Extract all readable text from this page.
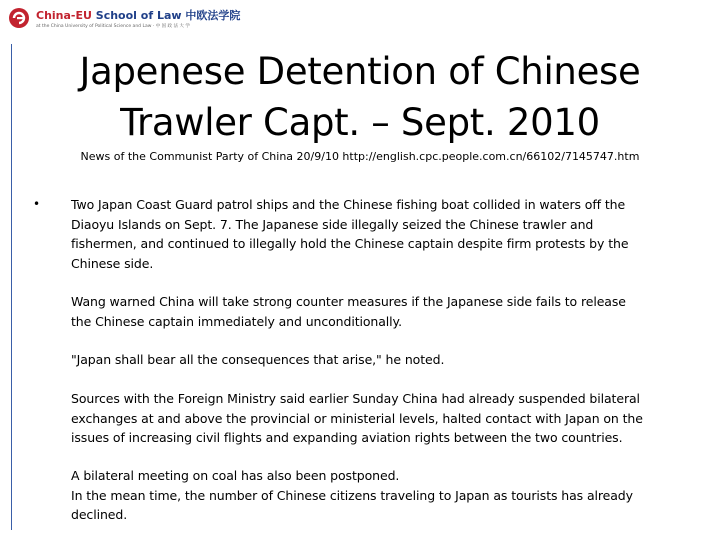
China-EU School of Law 中欧法学院
at the China University of Political Science and Law · 中 国 政 法 大 学
Japenese Detention of Chinese
Trawler Capt. – Sept. 2010
News of the Communist Party of China 20/9/10 http://english.cpc.people.com.cn/66102/7145747.htm
• Two Japan Coast Guard patrol ships and the Chinese fishing boat collided in waters off the
Diaoyu Islands on Sept. 7. The Japanese side illegally seized the Chinese trawler and
fishermen, and continued to illegally hold the Chinese captain despite firm protests by the
Chinese side.
Wang warned China will take strong counter measures if the Japanese side fails to release
the Chinese captain immediately and unconditionally.
"Japan shall bear all the consequences that arise," he noted.
Sources with the Foreign Ministry said earlier Sunday China had already suspended bilateral
exchanges at and above the provincial or ministerial levels, halted contact with Japan on the
issues of increasing civil flights and expanding aviation rights between the two countries.
A bilateral meeting on coal has also been postponed.
In the mean time, the number of Chinese citizens traveling to Japan as tourists has already
declined.
